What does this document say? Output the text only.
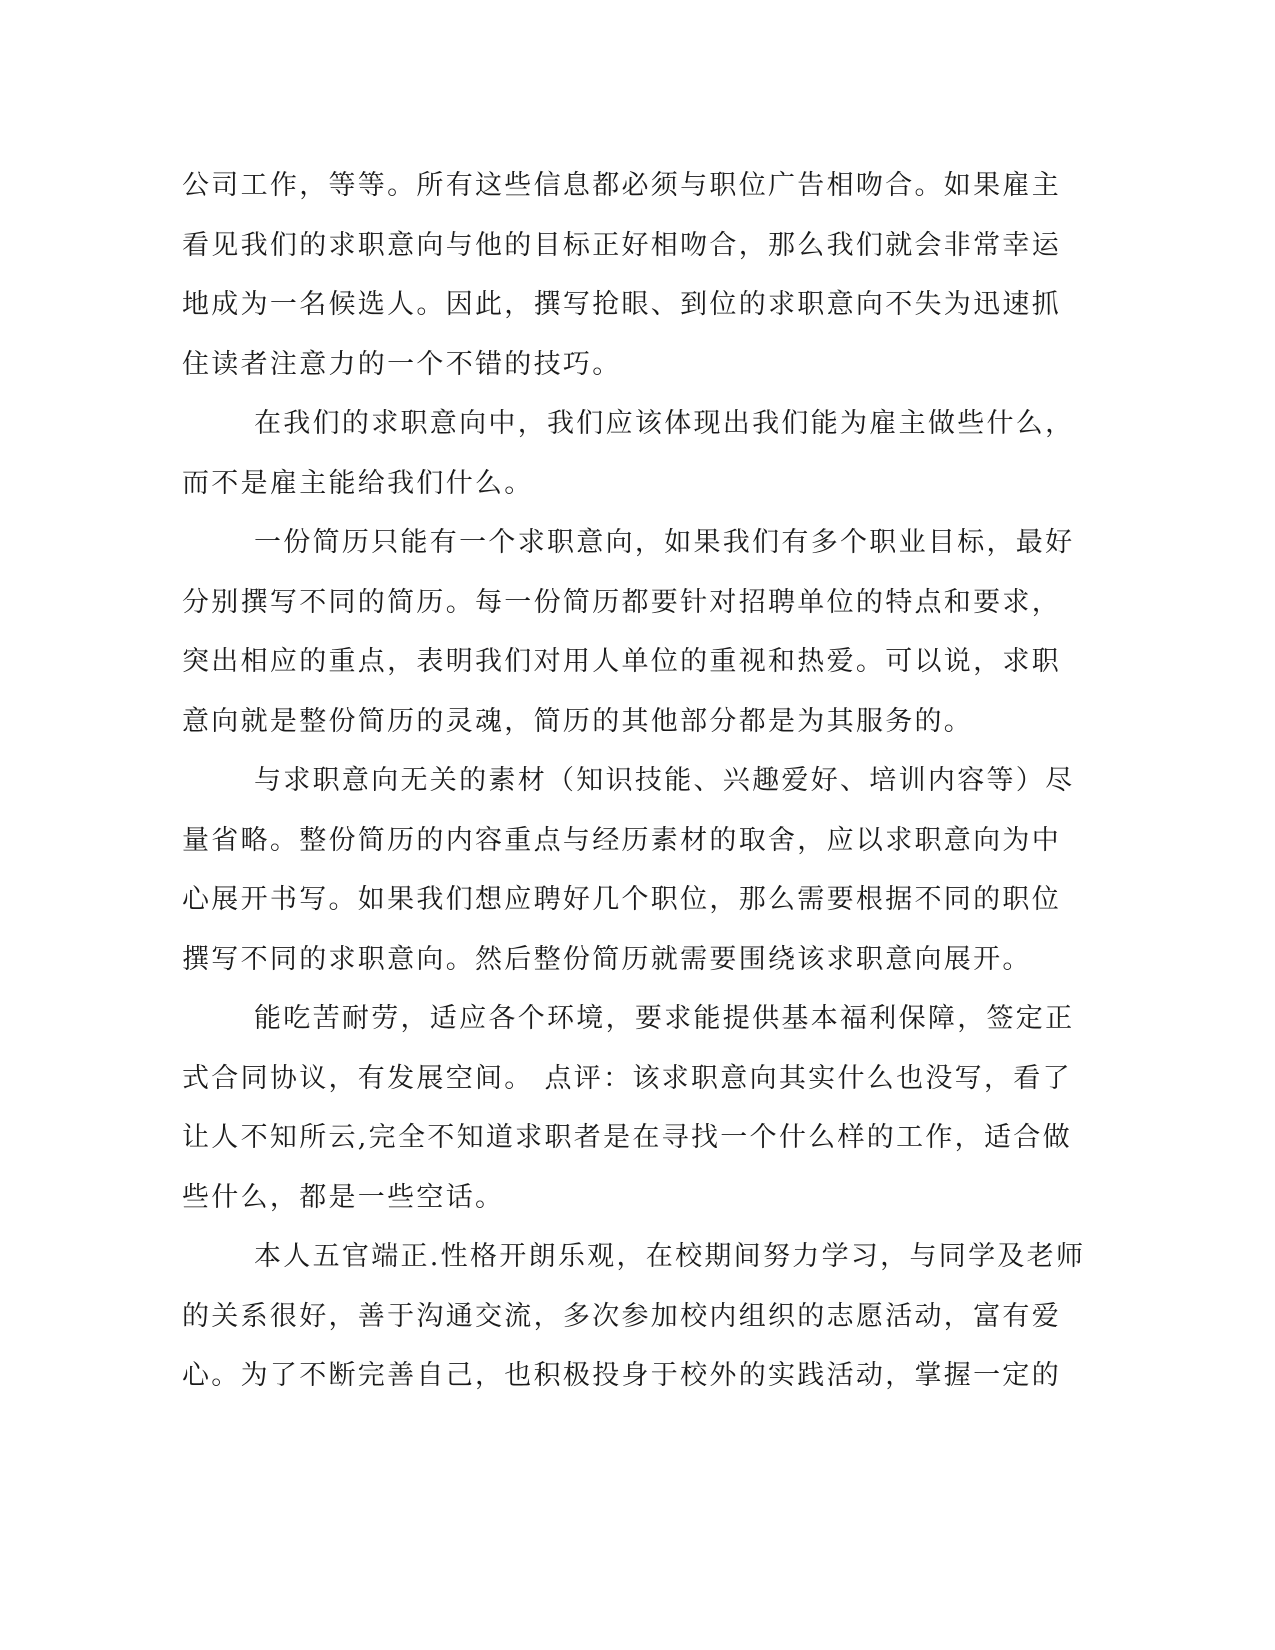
公司工作，等等。所有这些信息都必须与职位广告相吻合。如果雇主
看见我们的求职意向与他的目标正好相吻合，那么我们就会非常幸运
地成为一名候选人。因此，撰写抢眼、到位的求职意向不失为迅速抓
住读者注意力的一个不错的技巧。
在我们的求职意向中，我们应该体现出我们能为雇主做些什么，
而不是雇主能给我们什么。
一份简历只能有一个求职意向，如果我们有多个职业目标，最好
分别撰写不同的简历。每一份简历都要针对招聘单位的特点和要求，
突出相应的重点，表明我们对用人单位的重视和热爱。可以说，求职
意向就是整份简历的灵魂，简历的其他部分都是为其服务的。
与求职意向无关的素材（知识技能、兴趣爱好、培训内容等）尽
量省略。整份简历的内容重点与经历素材的取舍，应以求职意向为中
心展开书写。如果我们想应聘好几个职位，那么需要根据不同的职位
撰写不同的求职意向。然后整份简历就需要围绕该求职意向展开。
能吃苦耐劳，适应各个环境，要求能提供基本福利保障，签定正
式合同协议，有发展空间。 点评：该求职意向其实什么也没写，看了
让人不知所云,完全不知道求职者是在寻找一个什么样的工作，适合做
些什么，都是一些空话。
本人五官端正.性格开朗乐观，在校期间努力学习，与同学及老师
的关系很好，善于沟通交流，多次参加校内组织的志愿活动，富有爱
心。为了不断完善自己，也积极投身于校外的实践活动，掌握一定的
